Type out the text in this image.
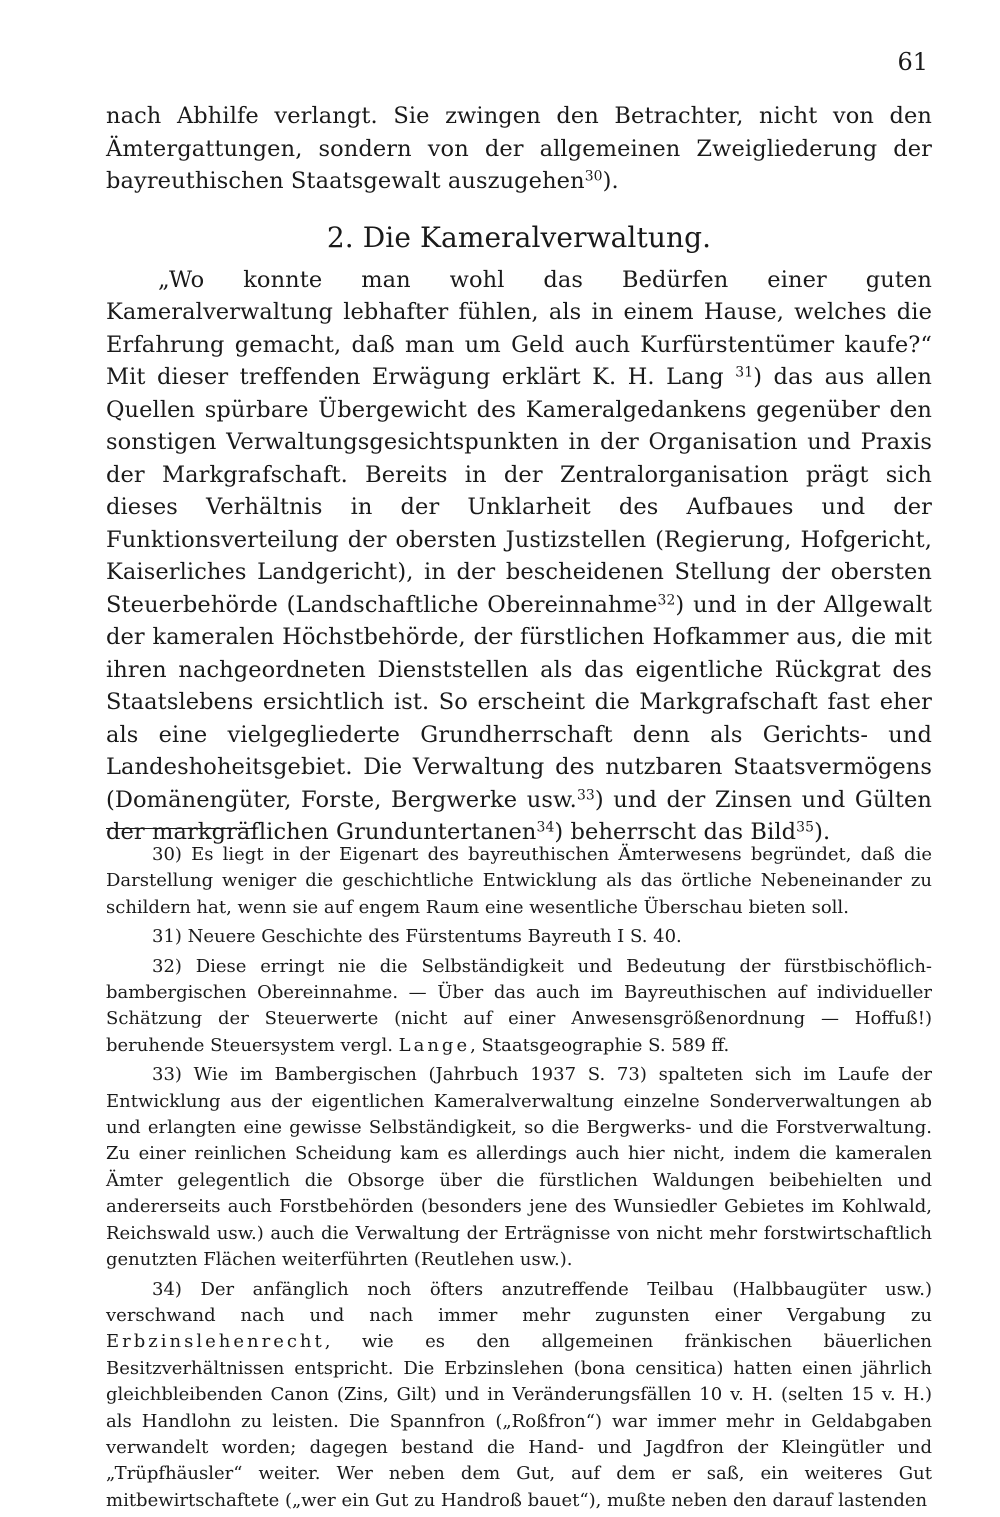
61

nach Abhilfe verlangt. Sie zwingen den Betrachter, nicht von den Ämtergattungen, sondern von der allgemeinen Zweigliederung der bayreuthischen Staatsgewalt auszugehen$^{30}$).

2. Die Kameralverwaltung.

„Wo konnte man wohl das Bedürfen einer guten Kameralverwaltung lebhafter fühlen, als in einem Hause, welches die Erfahrung gemacht, daß man um Geld auch Kurfürstentümer kaufe?“ Mit dieser treffenden Erwägung erklärt K. H. Lang $^{31}$) das aus allen Quellen spürbare Übergewicht des Kameralgedankens gegenüber den sonstigen Verwaltungsgesichtspunkten in der Organisation und Praxis der Markgrafschaft. Bereits in der Zentralorganisation prägt sich dieses Verhältnis in der Unklarheit des Aufbaues und der Funktionsverteilung der obersten Justizstellen (Regierung, Hofgericht, Kaiserliches Landgericht), in der bescheidenen Stellung der obersten Steuerbehörde (Landschaftliche Obereinnahme$^{32}$) und in der Allgewalt der kameralen Höchstbehörde, der fürstlichen Hofkammer aus, die mit ihren nachgeordneten Dienststellen als das eigentliche Rückgrat des Staatslebens ersichtlich ist. So erscheint die Markgrafschaft fast eher als eine vielgegliederte Grundherrschaft denn als Gerichts- und Landeshoheitsgebiet. Die Verwaltung des nutzbaren Staatsvermögens (Domänengüter, Forste, Bergwerke usw.$^{33}$) und der Zinsen und Gülten der markgräflichen Grunduntertanen$^{34}$) beherrscht das Bild$^{35}$).

30) Es liegt in der Eigenart des bayreuthischen Ämterwesens begründet, daß die Darstellung weniger die geschichtliche Entwicklung als das örtliche Nebeneinander zu schildern hat, wenn sie auf engem Raum eine wesentliche Überschau bieten soll.

31) Neuere Geschichte des Fürstentums Bayreuth I S. 40.

32) Diese erringt nie die Selbständigkeit und Bedeutung der fürstbischöflich-bambergischen Obereinnahme. — Über das auch im Bayreuthischen auf individueller Schätzung der Steuerwerte (nicht auf einer Anwesensgrößenordnung — Hoffuß!) beruhende Steuersystem vergl. Lange, Staatsgeographie S. 589 ff.

33) Wie im Bambergischen (Jahrbuch 1937 S. 73) spalteten sich im Laufe der Entwicklung aus der eigentlichen Kameralverwaltung einzelne Sonderverwaltungen ab und erlangten eine gewisse Selbständigkeit, so die Bergwerks- und die Forstverwaltung. Zu einer reinlichen Scheidung kam es allerdings auch hier nicht, indem die kameralen Ämter gelegentlich die Obsorge über die fürstlichen Waldungen beibehielten und andererseits auch Forstbehörden (besonders jene des Wunsiedler Gebietes im Kohlwald, Reichswald usw.) auch die Verwaltung der Erträgnisse von nicht mehr forstwirtschaftlich genutzten Flächen weiterführten (Reutlehen usw.).

34) Der anfänglich noch öfters anzutreffende Teilbau (Halbbaugüter usw.) verschwand nach und nach immer mehr zugunsten einer Vergabung zu Erbzinslehenrecht, wie es den allgemeinen fränkischen bäuerlichen Besitzverhältnissen entspricht. Die Erbzinslehen (bona censitica) hatten einen jährlich gleichbleibenden Canon (Zins, Gilt) und in Veränderungsfällen 10 v. H. (selten 15 v. H.) als Handlohn zu leisten. Die Spannfron („Roßfron“) war immer mehr in Geldabgaben verwandelt worden; dagegen bestand die Hand- und Jagdfron der Kleingütler und „Trüpfhäusler“ weiter. Wer neben dem Gut, auf dem er saß, ein weiteres Gut mitbewirtschaftete („wer ein Gut zu Handroß bauet“), mußte neben den darauf lastenden
